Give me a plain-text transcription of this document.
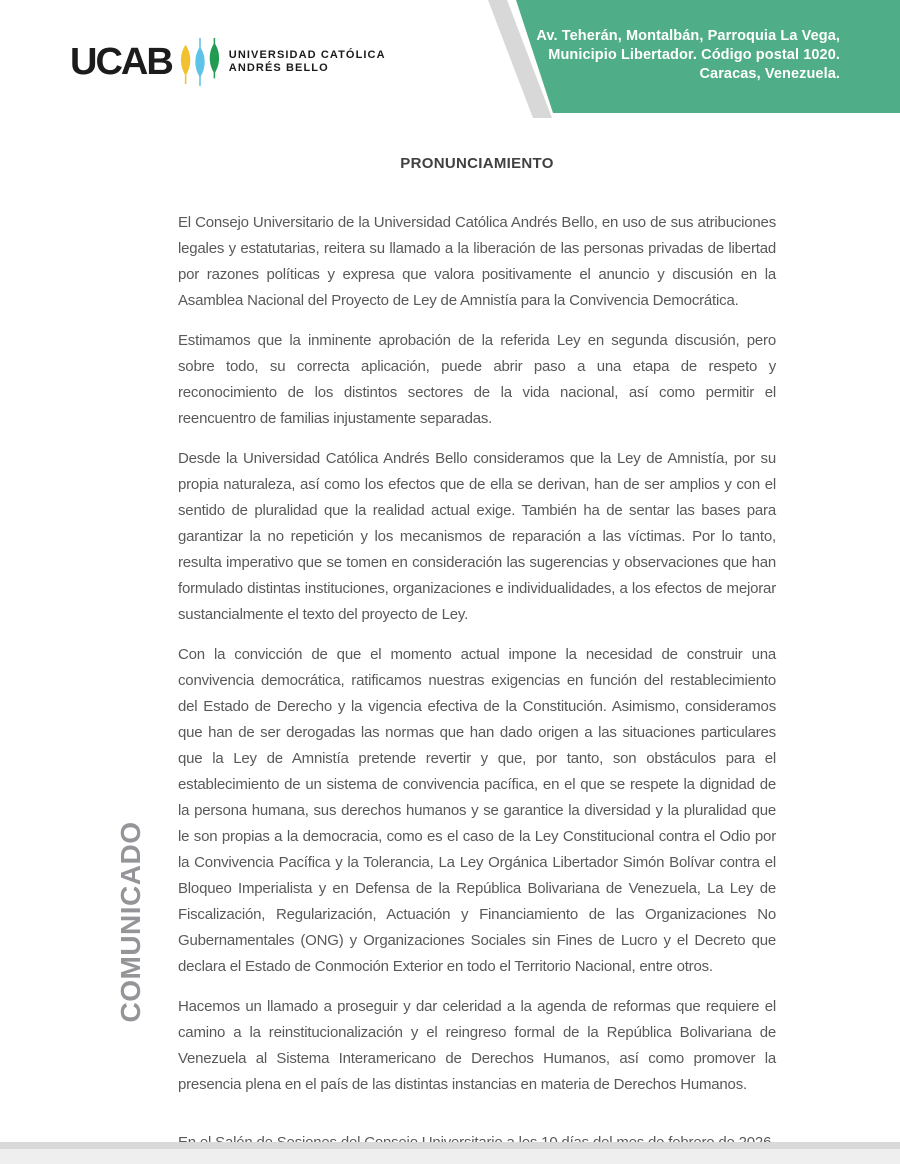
Av. Teherán, Montalbán, Parroquia La Vega,
Municipio Libertador. Código postal 1020.
Caracas, Venezuela.
UCAB	UNIVERSIDAD CATÓLICA
ANDRÉS BELLO
COMUNICADO
PRONUNCIAMIENTO

El Consejo Universitario de la Universidad Católica Andrés Bello, en uso de sus atribuciones legales y estatutarias, reitera su llamado a la liberación de las personas privadas de libertad por razones políticas y expresa que valora positivamente el anuncio y discusión en la Asamblea Nacional del Proyecto de Ley de Amnistía para la Convivencia Democrática.

Estimamos que la inminente aprobación de la referida Ley en segunda discusión, pero sobre todo, su correcta aplicación, puede abrir paso a una etapa de respeto y reconocimiento de los distintos sectores de la vida nacional, así como permitir el reencuentro de familias injustamente separadas.

Desde la Universidad Católica Andrés Bello consideramos que la Ley de Amnistía, por su propia naturaleza, así como los efectos que de ella se derivan, han de ser amplios y con el sentido de pluralidad que la realidad actual exige. También ha de sentar las bases para garantizar la no repetición y los mecanismos de reparación a las víctimas. Por lo tanto, resulta imperativo que se tomen en consideración las sugerencias y observaciones que han formulado distintas instituciones, organizaciones e individualidades, a los efectos de mejorar sustancialmente el texto del proyecto de Ley.

Con la convicción de que el momento actual impone la necesidad de construir una convivencia democrática, ratificamos nuestras exigencias en función del restablecimiento del Estado de Derecho y la vigencia efectiva de la Constitución. Asimismo, consideramos que han de ser derogadas las normas que han dado origen a las situaciones particulares que la Ley de Amnistía pretende revertir y que, por tanto, son obstáculos para el establecimiento de un sistema de convivencia pacífica, en el que se respete la dignidad de la persona humana, sus derechos humanos y se garantice la diversidad y la pluralidad que le son propias a la democracia, como es el caso de la Ley Constitucional contra el Odio por la Convivencia Pacífica y la Tolerancia, La Ley Orgánica Libertador Simón Bolívar contra el Bloqueo Imperialista y en Defensa de la República Bolivariana de Venezuela, La Ley de Fiscalización, Regularización, Actuación y Financiamiento de las Organizaciones No Gubernamentales (ONG) y Organizaciones Sociales sin Fines de Lucro y el Decreto que declara el Estado de Conmoción Exterior en todo el Territorio Nacional, entre otros.

Hacemos un llamado a proseguir y dar celeridad a la agenda de reformas que requiere el camino a la reinstitucionalización y el reingreso formal de la República Bolivariana de Venezuela al Sistema Interamericano de Derechos Humanos, así como promover la presencia plena en el país de las distintas instancias en materia de Derechos Humanos.
